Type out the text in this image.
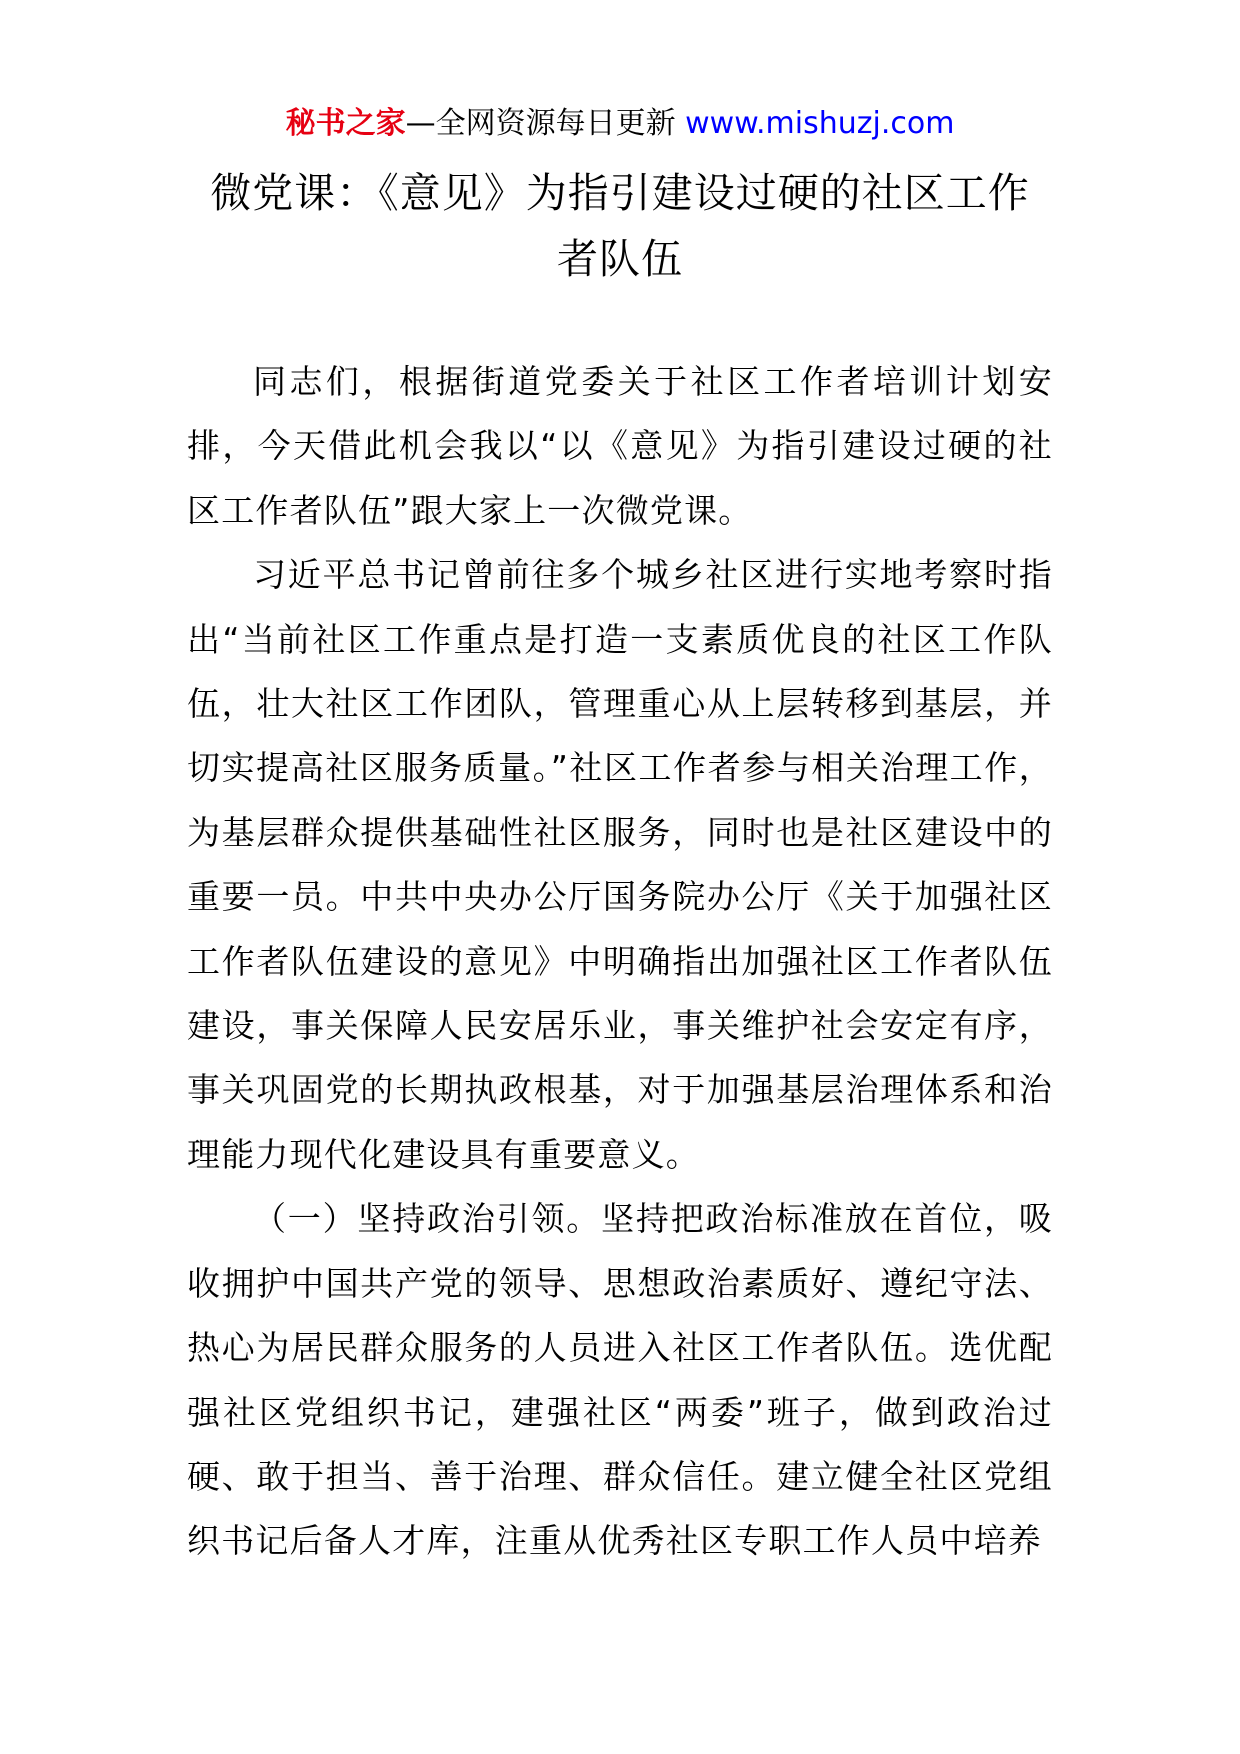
秘书之家—全网资源每日更新 www.mishuzj.com
微党课：《意见》为指引建设过硬的社区工作
者队伍

同志们，根据街道党委关于社区工作者培训计划安排，今天借此机会我以“以《意见》为指引建设过硬的社区工作者队伍”跟大家上一次微党课。

习近平总书记曾前往多个城乡社区进行实地考察时指出“当前社区工作重点是打造一支素质优良的社区工作队伍，壮大社区工作团队，管理重心从上层转移到基层，并切实提高社区服务质量。”社区工作者参与相关治理工作，为基层群众提供基础性社区服务，同时也是社区建设中的重要一员。中共中央办公厅国务院办公厅《关于加强社区工作者队伍建设的意见》中明确指出加强社区工作者队伍建设，事关保障人民安居乐业，事关维护社会安定有序，事关巩固党的长期执政根基，对于加强基层治理体系和治理能力现代化建设具有重要意义。

（一）坚持政治引领。坚持把政治标准放在首位，吸收拥护中国共产党的领导、思想政治素质好、遵纪守法、热心为居民群众服务的人员进入社区工作者队伍。选优配强社区党组织书记，建强社区“两委”班子，做到政治过硬、敢于担当、善于治理、群众信任。建立健全社区党组织书记后备人才库，注重从优秀社区专职工作人员中培养
